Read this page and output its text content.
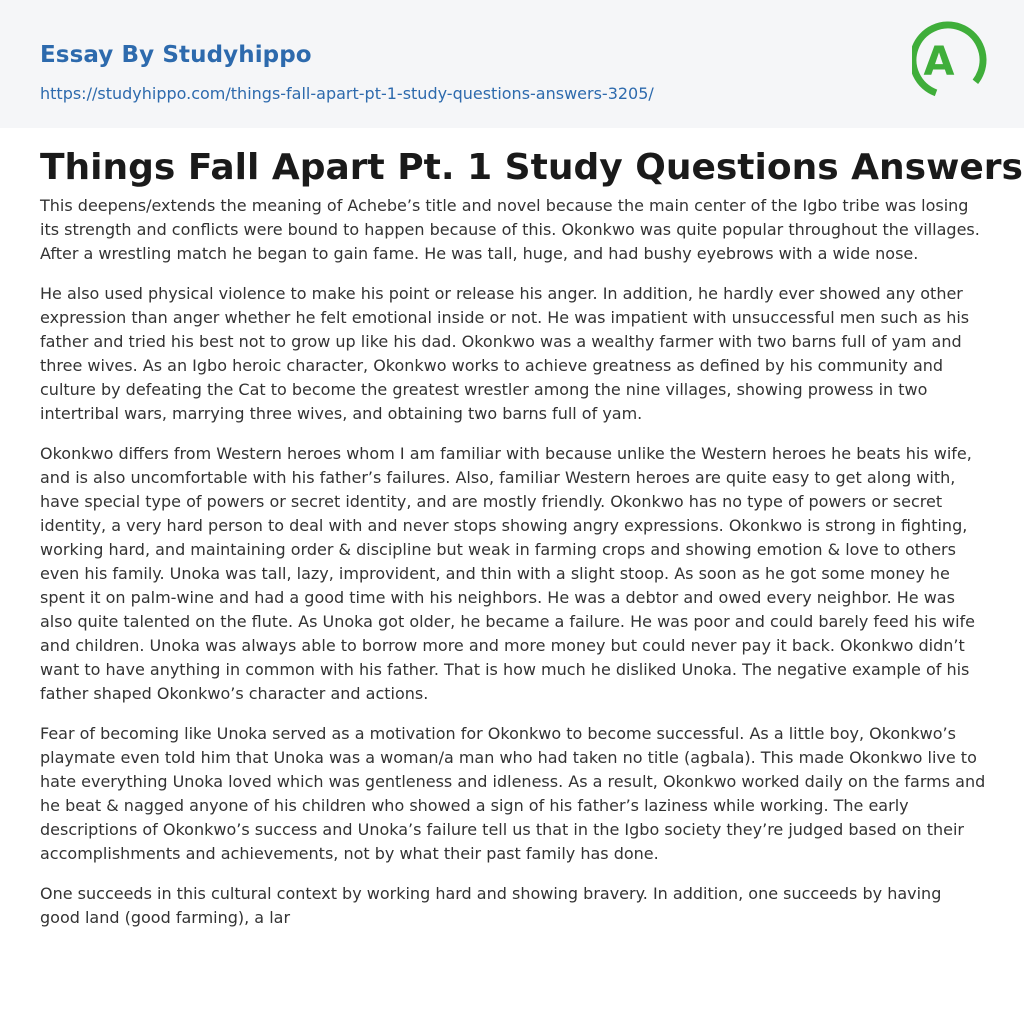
Essay By Studyhippo
https://studyhippo.com/things-fall-apart-pt-1-study-questions-answers-3205/
A
Things Fall Apart Pt. 1 Study Questions Answers

This deepens/extends the meaning of Achebe’s title and novel because the main center of the Igbo tribe was losing its strength and conflicts were bound to happen because of this. Okonkwo was quite popular throughout the villages. After a wrestling match he began to gain fame. He was tall, huge, and had bushy eyebrows with a wide nose.

He also used physical violence to make his point or release his anger. In addition, he hardly ever showed any other expression than anger whether he felt emotional inside or not. He was impatient with unsuccessful men such as his father and tried his best not to grow up like his dad. Okonkwo was a wealthy farmer with two barns full of yam and three wives. As an Igbo heroic character, Okonkwo works to achieve greatness as defined by his community and culture by defeating the Cat to become the greatest wrestler among the nine villages, showing prowess in two intertribal wars, marrying three wives, and obtaining two barns full of yam.

Okonkwo differs from Western heroes whom I am familiar with because unlike the Western heroes he beats his wife, and is also uncomfortable with his father’s failures. Also, familiar Western heroes are quite easy to get along with, have special type of powers or secret identity, and are mostly friendly. Okonkwo has no type of powers or secret identity, a very hard person to deal with and never stops showing angry expressions. Okonkwo is strong in fighting, working hard, and maintaining order & discipline but weak in farming crops and showing emotion & love to others even his family. Unoka was tall, lazy, improvident, and thin with a slight stoop. As soon as he got some money he spent it on palm-wine and had a good time with his neighbors. He was a debtor and owed every neighbor. He was also quite talented on the flute. As Unoka got older, he became a failure. He was poor and could barely feed his wife and children. Unoka was always able to borrow more and more money but could never pay it back. Okonkwo didn’t want to have anything in common with his father. That is how much he disliked Unoka. The negative example of his father shaped Okonkwo’s character and actions.

Fear of becoming like Unoka served as a motivation for Okonkwo to become successful. As a little boy, Okonkwo’s playmate even told him that Unoka was a woman/a man who had taken no title (agbala). This made Okonkwo live to hate everything Unoka loved which was gentleness and idleness. As a result, Okonkwo worked daily on the farms and he beat & nagged anyone of his children who showed a sign of his father’s laziness while working. The early descriptions of Okonkwo’s success and Unoka’s failure tell us that in the Igbo society they’re judged based on their accomplishments and achievements, not by what their past family has done.

One succeeds in this cultural context by working hard and showing bravery. In addition, one succeeds by having good land (good farming), a lar
